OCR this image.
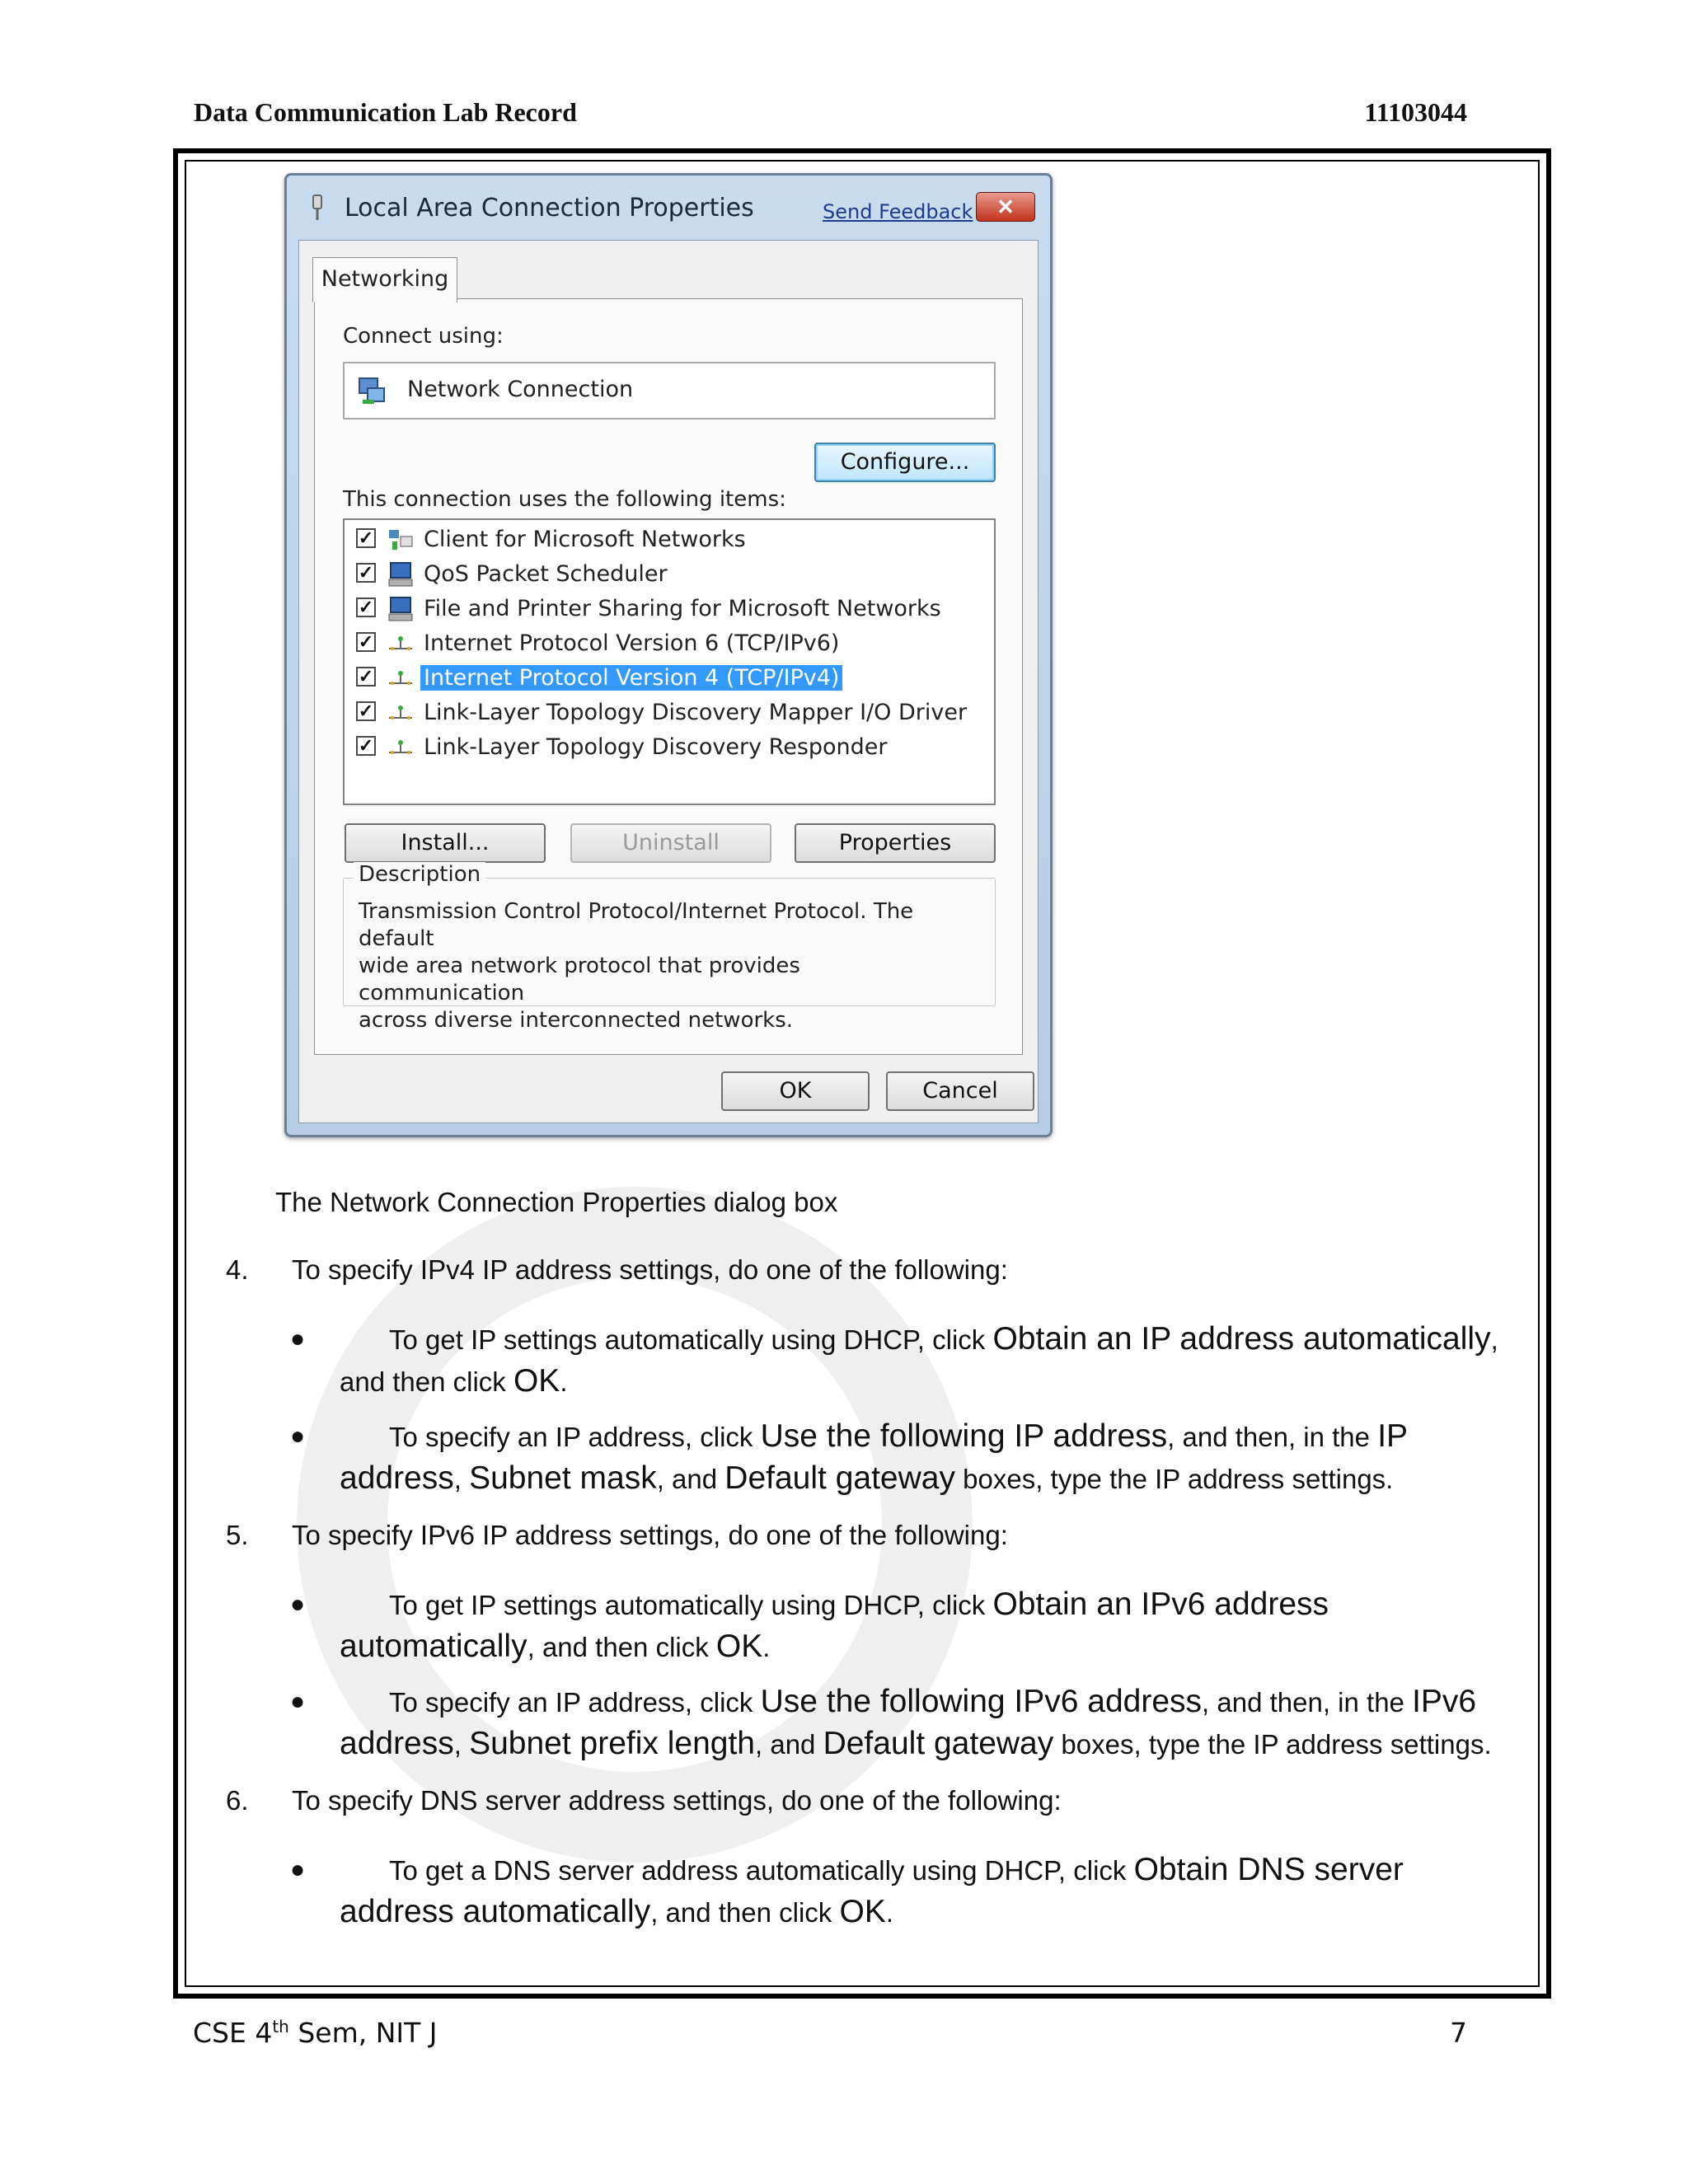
Data Communication Lab Record	11103044
Local Area Connection Properties	Send Feedback	✕
Networking
Connect using:
Network Connection
Configure...
This connection uses the following items:
✓ Client for Microsoft Networks
✓ QoS Packet Scheduler
✓ File and Printer Sharing for Microsoft Networks
✓ Internet Protocol Version 6 (TCP/IPv6)
✓ Internet Protocol Version 4 (TCP/IPv4)
✓ Link-Layer Topology Discovery Mapper I/O Driver
✓ Link-Layer Topology Discovery Responder
Install...	Uninstall	Properties
Description
Transmission Control Protocol/Internet Protocol. The default
wide area network protocol that provides communication
across diverse interconnected networks.
OK	Cancel
The Network Connection Properties dialog box
4. To specify IPv4 IP address settings, do one of the following:
●	To get IP settings automatically using DHCP, click Obtain an IP address automatically, and then click OK.
●	To specify an IP address, click Use the following IP address, and then, in the IP address, Subnet mask, and Default gateway boxes, type the IP address settings.
5. To specify IPv6 IP address settings, do one of the following:
●	To get IP settings automatically using DHCP, click Obtain an IPv6 address automatically, and then click OK.
●	To specify an IP address, click Use the following IPv6 address, and then, in the IPv6 address, Subnet prefix length, and Default gateway boxes, type the IP address settings.
6. To specify DNS server address settings, do one of the following:
●	To get a DNS server address automatically using DHCP, click Obtain DNS server address automatically, and then click OK.
CSE 4th Sem, NIT J	7
